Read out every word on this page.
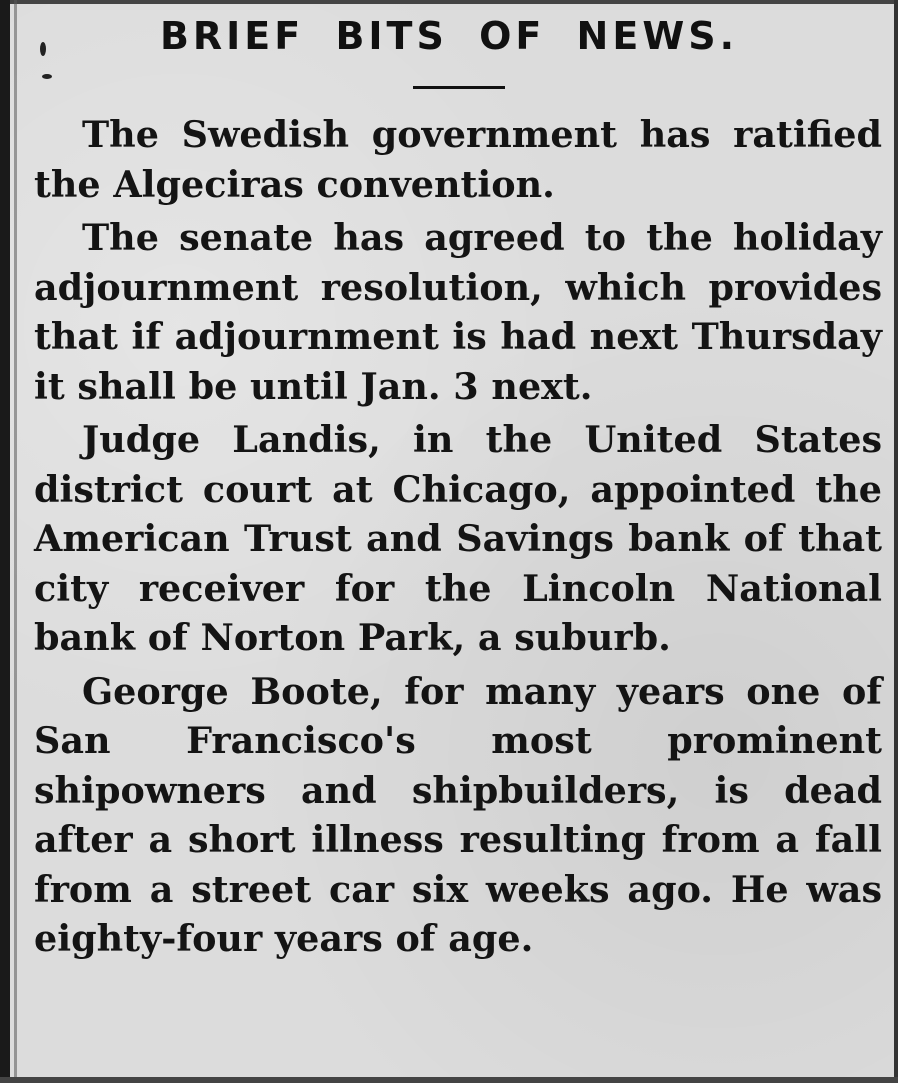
BRIEF BITS OF NEWS.

The Swedish government has ratified the Algeciras convention.

The senate has agreed to the holiday adjournment resolution, which provides that if adjournment is had next Thursday it shall be until Jan. 3 next.

Judge Landis, in the United States district court at Chicago, appointed the American Trust and Savings bank of that city receiver for the Lincoln National bank of Norton Park, a suburb.

George Boote, for many years one of San Francisco's most prominent shipowners and shipbuilders, is dead after a short illness resulting from a fall from a street car six weeks ago. He was eighty-four years of age.
